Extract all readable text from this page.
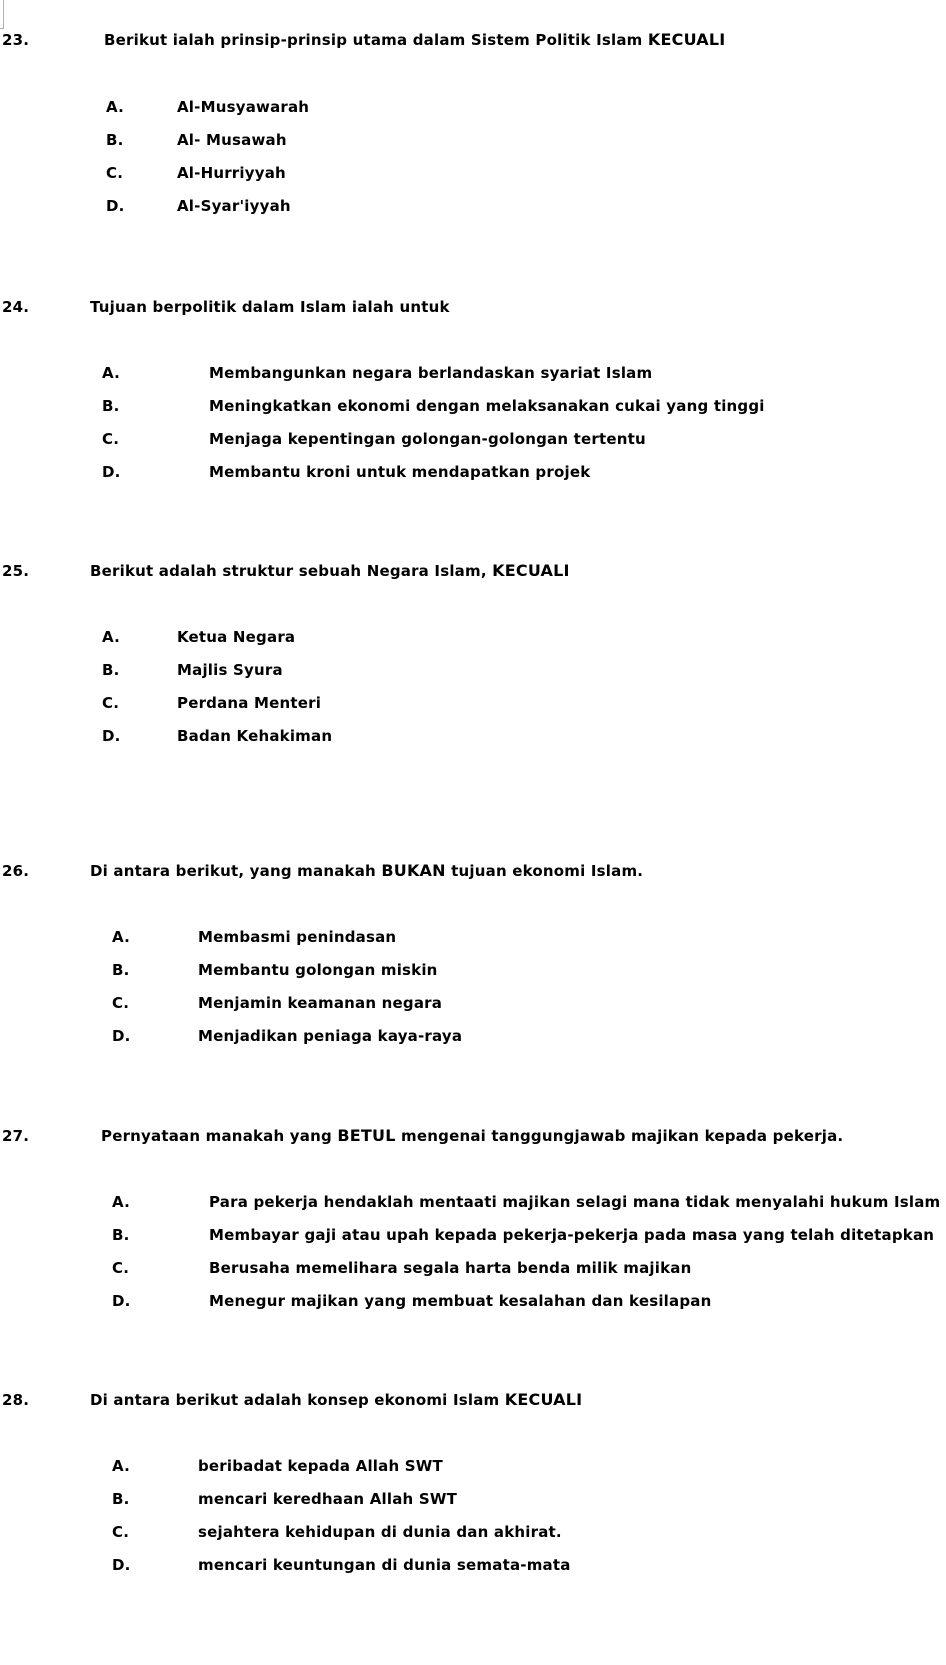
23.	Berikut ialah prinsip-prinsip utama dalam Sistem Politik Islam KECUALI
A.	Al-Musyawarah
B.	Al- Musawah
C.	Al-Hurriyyah
D.	Al-Syar'iyyah
24.	Tujuan berpolitik dalam Islam ialah untuk
A.	Membangunkan negara berlandaskan syariat Islam
B.	Meningkatkan ekonomi dengan melaksanakan cukai yang tinggi
C.	Menjaga kepentingan golongan-golongan tertentu
D.	Membantu kroni untuk mendapatkan projek
25.	Berikut adalah struktur sebuah Negara Islam, KECUALI
A.	Ketua Negara
B.	Majlis Syura
C.	Perdana Menteri
D.	Badan Kehakiman
26.	Di antara berikut, yang manakah BUKAN tujuan ekonomi Islam.
A.	Membasmi penindasan
B.	Membantu golongan miskin
C.	Menjamin keamanan negara
D.	Menjadikan peniaga kaya-raya
27.	Pernyataan manakah yang BETUL mengenai tanggungjawab majikan kepada pekerja.
A.	Para pekerja hendaklah mentaati majikan selagi mana tidak menyalahi hukum Islam
B.	Membayar gaji atau upah kepada pekerja-pekerja pada masa yang telah ditetapkan
C.	Berusaha memelihara segala harta benda milik majikan
D.	Menegur majikan yang membuat kesalahan dan kesilapan
28.	Di antara berikut adalah konsep ekonomi Islam KECUALI
A.	beribadat kepada Allah SWT
B.	mencari keredhaan Allah SWT
C.	sejahtera kehidupan di dunia dan akhirat.
D.	mencari keuntungan di dunia semata-mata
